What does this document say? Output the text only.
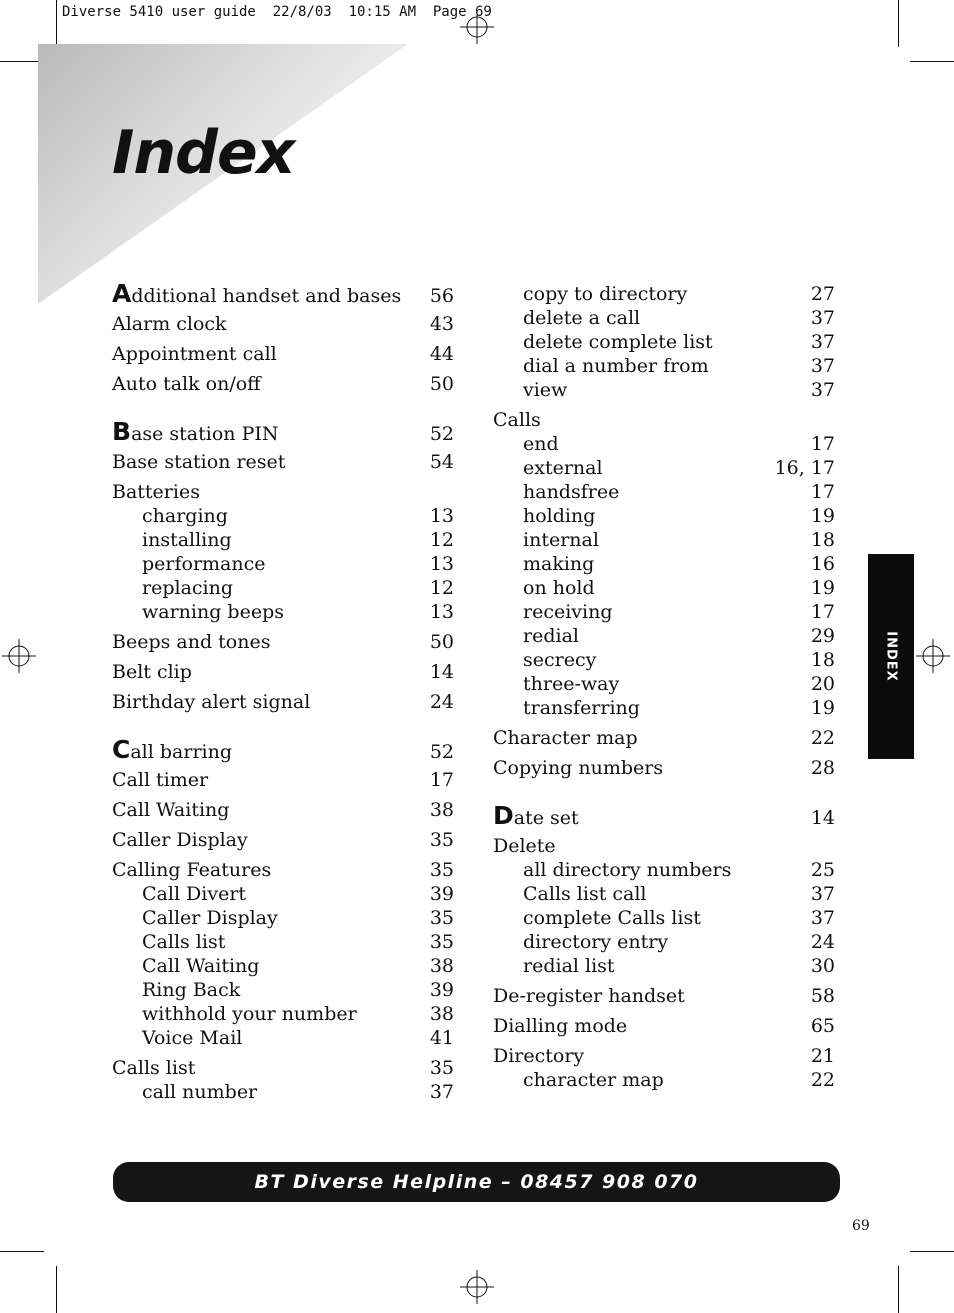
Diverse 5410 user guide  22/8/03  10:15 AM  Page 69
Index
Additional handset and bases 56
Alarm clock	43
Appointment call	44
Auto talk on/off	50
Base station PIN	52
Base station reset	54
Batteries
charging	13
installing	12
performance	13
replacing	12
warning beeps	13
Beeps and tones	50
Belt clip	14
Birthday alert signal	24
Call barring	52
Call timer	17
Call Waiting	38
Caller Display	35
Calling Features	35
Call Divert	39
Caller Display	35
Calls list	35
Call Waiting	38
Ring Back	39
withhold your number	38
Voice Mail	41
Calls list	35
call number	37
copy to directory	27
delete a call	37
delete complete list	37
dial a number from	37
view	37
Calls
end	17
external	16, 17
handsfree	17
holding	19
internal	18
making	16
on hold	19
receiving	17
redial	29
secrecy	18
three-way	20
transferring	19
Character map	22
Copying numbers	28
Date set	14
Delete
all directory numbers	25
Calls list call	37
complete Calls list	37
directory entry	24
redial list	30
De-register handset	58
Dialling mode	65
Directory	21
character map	22
INDEX
BT Diverse Helpline – 08457 908 070
69
